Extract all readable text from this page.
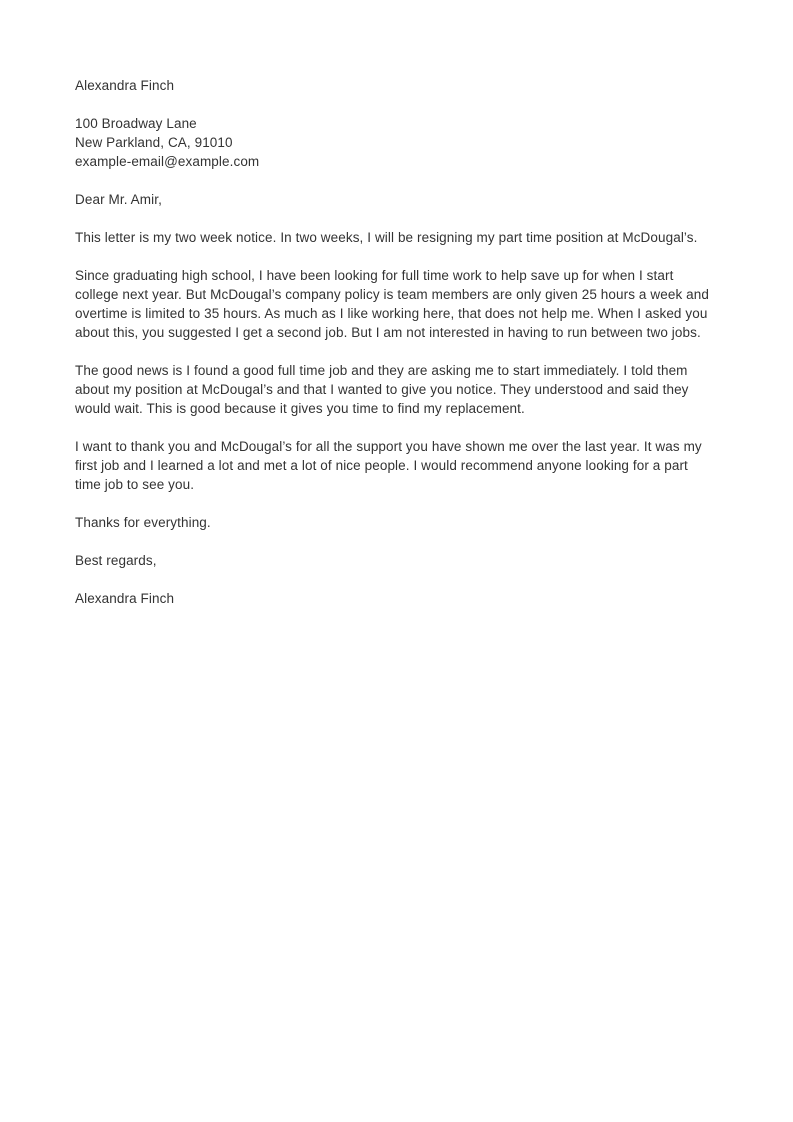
Alexandra Finch

100 Broadway Lane
New Parkland, CA, 91010
example-email@example.com

Dear Mr. Amir,

This letter is my two week notice. In two weeks, I will be resigning my part time position at McDougal’s.

Since graduating high school, I have been looking for full time work to help save up for when I start college next year. But McDougal’s company policy is team members are only given 25 hours a week and overtime is limited to 35 hours. As much as I like working here, that does not help me. When I asked you about this, you suggested I get a second job. But I am not interested in having to run between two jobs.

The good news is I found a good full time job and they are asking me to start immediately. I told them about my position at McDougal’s and that I wanted to give you notice. They understood and said they would wait. This is good because it gives you time to find my replacement.

I want to thank you and McDougal’s for all the support you have shown me over the last year. It was my first job and I learned a lot and met a lot of nice people. I would recommend anyone looking for a part time job to see you.

Thanks for everything.

Best regards,

Alexandra Finch
